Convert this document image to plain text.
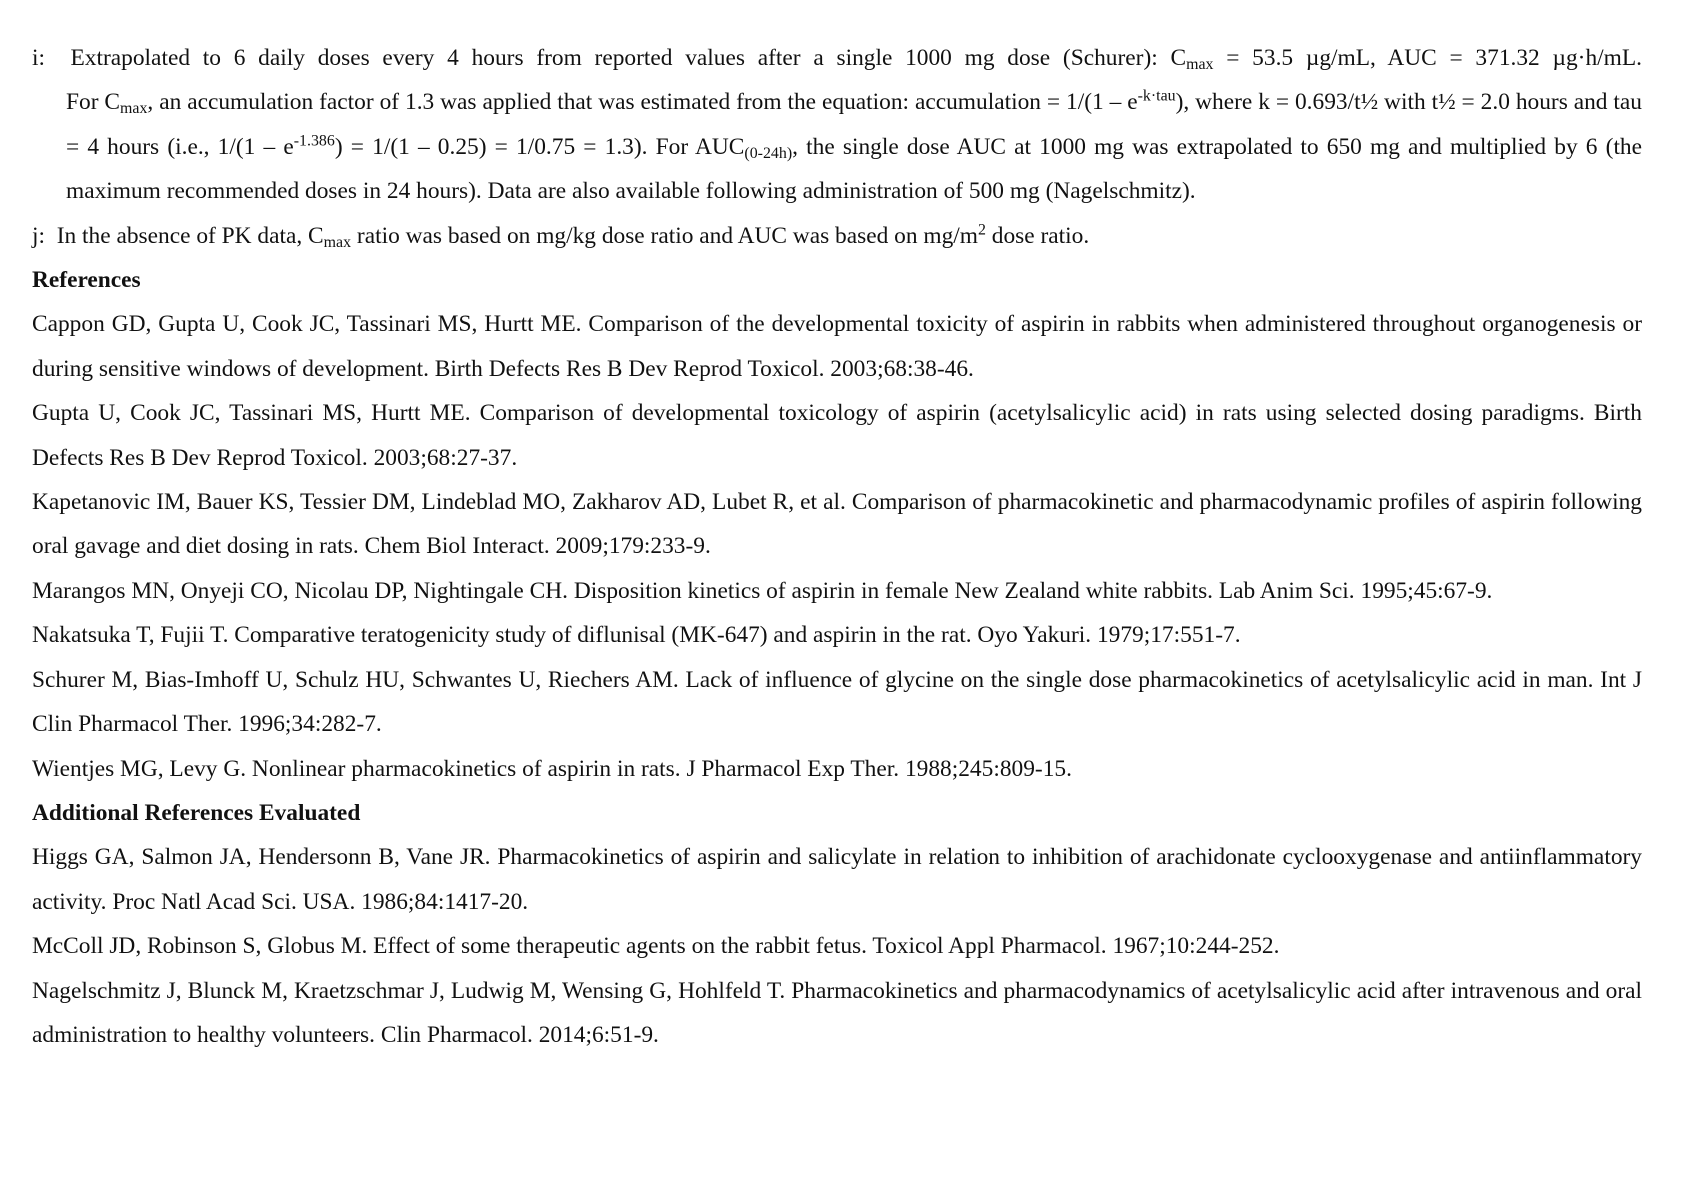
i: Extrapolated to 6 daily doses every 4 hours from reported values after a single 1000 mg dose (Schurer): $C_{max} = 53.5$ µg/mL, AUC = 371.32 µg·h/mL.
For $C_{max}$, an accumulation factor of 1.3 was applied that was estimated from the equation: accumulation = $1/(1 - e^{-k\cdot tau})$, where k = 0.693/t½ with t½ = 2.0 hours and tau = 4 hours (i.e., $1/(1 - e^{-1.386}) = 1/(1 - 0.25) = 1/0.75 = 1.3$). For $AUC_{(0-24h)}$, the single dose AUC at 1000 mg was extrapolated to 650 mg and multiplied by 6 (the maximum recommended doses in 24 hours). Data are also available following administration of 500 mg (Nagelschmitz).
j: In the absence of PK data, $C_{max}$ ratio was based on mg/kg dose ratio and AUC was based on $mg/m^2$ dose ratio.
References
Cappon GD, Gupta U, Cook JC, Tassinari MS, Hurtt ME. Comparison of the developmental toxicity of aspirin in rabbits when administered throughout organogenesis or during sensitive windows of development. Birth Defects Res B Dev Reprod Toxicol. 2003;68:38-46.
Gupta U, Cook JC, Tassinari MS, Hurtt ME. Comparison of developmental toxicology of aspirin (acetylsalicylic acid) in rats using selected dosing paradigms. Birth Defects Res B Dev Reprod Toxicol. 2003;68:27-37.
Kapetanovic IM, Bauer KS, Tessier DM, Lindeblad MO, Zakharov AD, Lubet R, et al. Comparison of pharmacokinetic and pharmacodynamic profiles of aspirin following oral gavage and diet dosing in rats. Chem Biol Interact. 2009;179:233-9.
Marangos MN, Onyeji CO, Nicolau DP, Nightingale CH. Disposition kinetics of aspirin in female New Zealand white rabbits. Lab Anim Sci. 1995;45:67-9.
Nakatsuka T, Fujii T. Comparative teratogenicity study of diflunisal (MK-647) and aspirin in the rat. Oyo Yakuri. 1979;17:551-7.
Schurer M, Bias-Imhoff U, Schulz HU, Schwantes U, Riechers AM. Lack of influence of glycine on the single dose pharmacokinetics of acetylsalicylic acid in man. Int J Clin Pharmacol Ther. 1996;34:282-7.
Wientjes MG, Levy G. Nonlinear pharmacokinetics of aspirin in rats. J Pharmacol Exp Ther. 1988;245:809-15.
Additional References Evaluated
Higgs GA, Salmon JA, Hendersonn B, Vane JR. Pharmacokinetics of aspirin and salicylate in relation to inhibition of arachidonate cyclooxygenase and antiinflammatory activity. Proc Natl Acad Sci. USA. 1986;84:1417-20.
McColl JD, Robinson S, Globus M. Effect of some therapeutic agents on the rabbit fetus. Toxicol Appl Pharmacol. 1967;10:244-252.
Nagelschmitz J, Blunck M, Kraetzschmar J, Ludwig M, Wensing G, Hohlfeld T. Pharmacokinetics and pharmacodynamics of acetylsalicylic acid after intravenous and oral administration to healthy volunteers. Clin Pharmacol. 2014;6:51-9.
